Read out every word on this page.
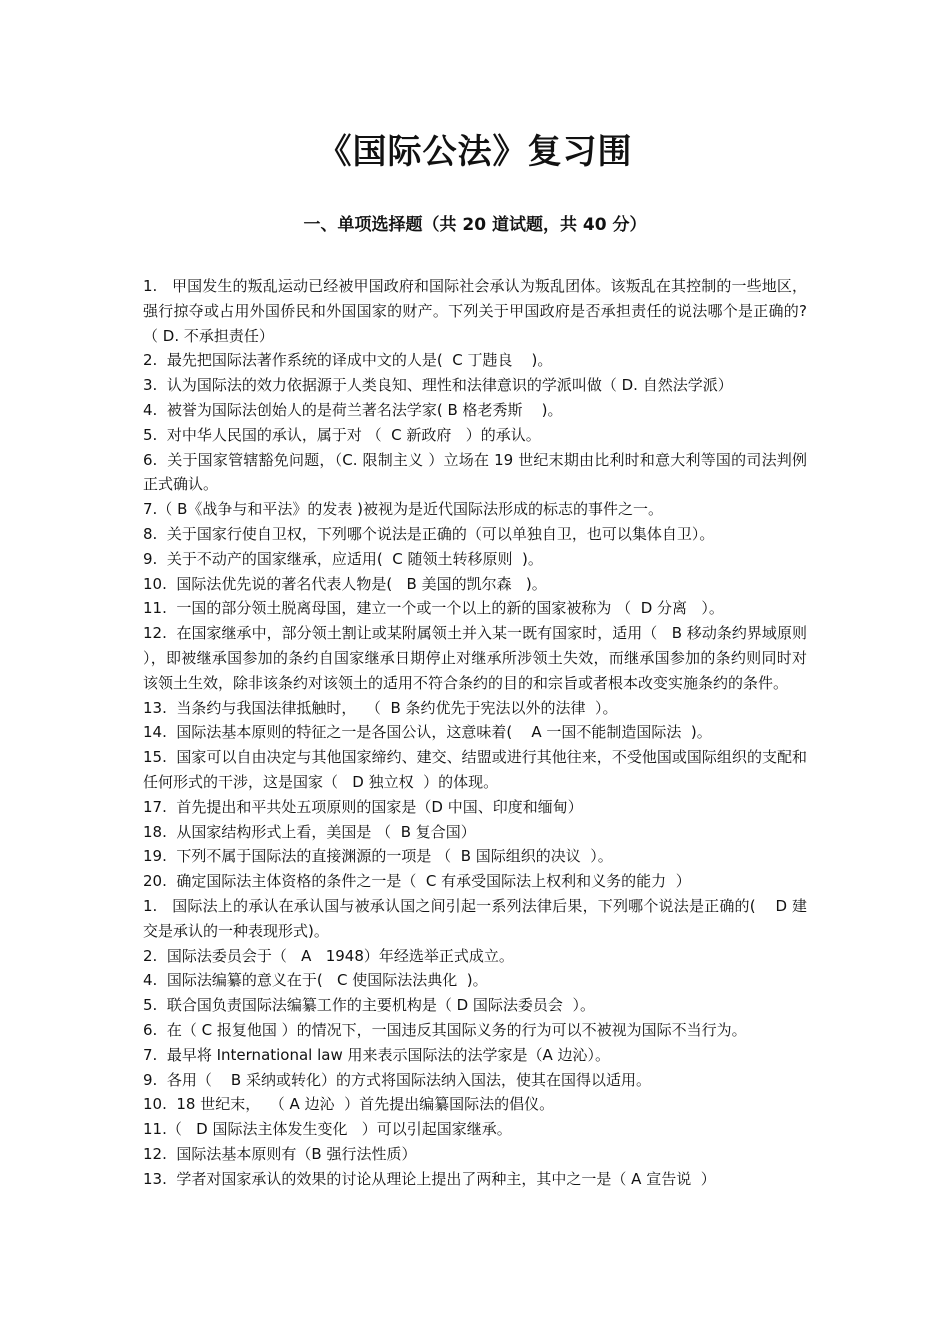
《国际公法》复习围
一、单项选择题（共 20 道试题，共 40 分）
1.   甲国发生的叛乱运动已经被甲国政府和国际社会承认为叛乱团体。该叛乱在其控制的一些地区，强行掠夺或占用外国侨民和外国国家的财产。下列关于甲国政府是否承担责任的说法哪个是正确的?（ D. 不承担责任）
2.  最先把国际法著作系统的译成中文的人是(  C 丁韪良    )。
3.  认为国际法的效力依据源于人类良知、理性和法律意识的学派叫做（ D. 自然法学派）
4.  被誉为国际法创始人的是荷兰著名法学家( B 格老秀斯    )。
5.  对中华人民国的承认，属于对 （  C 新政府   ）的承认。
6.  关于国家管辖豁免问题，（C. 限制主义 ）立场在 19 世纪末期由比利时和意大利等国的司法判例正式确认。
7.（ B《战争与和平法》的发表 )被视为是近代国际法形成的标志的事件之一。
8.  关于国家行使自卫权，下列哪个说法是正确的（可以单独自卫，也可以集体自卫）。
9.  关于不动产的国家继承，应适用(  C 随领土转移原则  )。
10.  国际法优先说的著名代表人物是(   B 美国的凯尔森   )。
11.  一国的部分领土脱离母国，建立一个或一个以上的新的国家被称为 （  D 分离   ）。
12.  在国家继承中，部分领土割让或某附属领土并入某一既有国家时，适用（   B 移动条约界域原则  ），即被继承国参加的条约自国家继承日期停止对继承所涉领土失效，而继承国参加的条约则同时对该领土生效，除非该条约对该领土的适用不符合条约的目的和宗旨或者根本改变实施条约的条件。
13.  当条约与我国法律抵触时，  （  B 条约优先于宪法以外的法律  ）。
14.  国际法基本原则的特征之一是各国公认，这意味着(    A 一国不能制造国际法  )。
15.  国家可以自由决定与其他国家缔约、建交、结盟或进行其他往来，不受他国或国际组织的支配和任何形式的干涉，这是国家（   D 独立权  ）的体现。
17.  首先提出和平共处五项原则的国家是（D 中国、印度和缅甸）
18.  从国家结构形式上看，美国是 （  B 复合国）
19.  下列不属于国际法的直接渊源的一项是 （  B 国际组织的决议  ）。
20.  确定国际法主体资格的条件之一是（  C 有承受国际法上权利和义务的能力  ）
1.   国际法上的承认在承认国与被承认国之间引起一系列法律后果，下列哪个说法是正确的(    D 建交是承认的一种表现形式)。
2.  国际法委员会于（   A   1948）年经选举正式成立。
4.  国际法编纂的意义在于(   C 使国际法法典化  )。
5.  联合国负责国际法编纂工作的主要机构是（ D 国际法委员会  ）。
6.  在（ C 报复他国 ）的情况下，一国违反其国际义务的行为可以不被视为国际不当行为。
7.  最早将 International law 用来表示国际法的法学家是（A 边沁）。
9.  各用（    B 采纳或转化）的方式将国际法纳入国法，使其在国得以适用。
10.  18 世纪末，  （ A 边沁  ）首先提出编纂国际法的倡仪。
11.（   D 国际法主体发生变化   ）可以引起国家继承。
12.  国际法基本原则有（B 强行法性质）
13.  学者对国家承认的效果的讨论从理论上提出了两种主，其中之一是（ A 宣告说  ）
